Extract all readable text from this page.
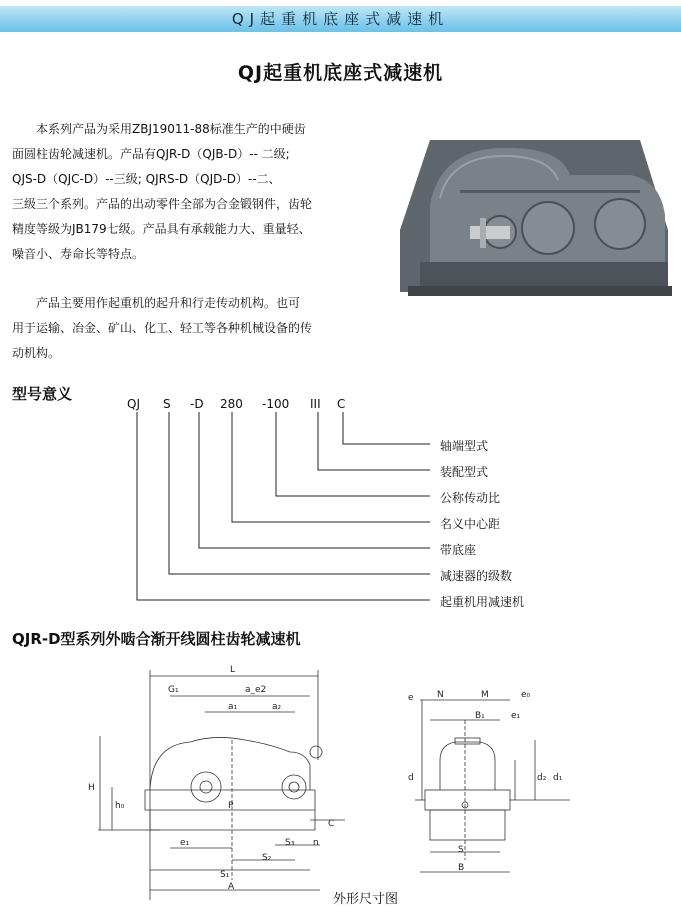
QJ起重机底座式减速机
QJ起重机底座式减速机

本系列产品为采用ZBJ19011-88标准生产的中硬齿
面圆柱齿轮减速机。产品有QJR-D（QJB-D）-- 二级;
QJS-D（QJC-D）--三级; QJRS-D（QJD-D）--二、
三级三个系列。产品的出动零件全部为合金锻钢件，齿轮
精度等级为JB179七级。产品具有承载能力大、重量轻、
噪音小、寿命长等特点。

产品主要用作起重机的起升和行走传动机构。也可
用于运输、冶金、矿山、化工、轻工等各种机械设备的传
动机构。

L
G₁	a_e2
a₁	a₂
H
h₀	P
C
e₁	S₃ n
S₂
S₁
A
e	N	M	e₀
B₁	e₁
d	d₂ d₁
S
B
型号意义
QJ S -D 280 -100 III C
轴端型式
装配型式
公称传动比
名义中心距
带底座
减速器的级数
起重机用减速机
QJR-D型系列外啮合渐开线圆柱齿轮减速机
外形尺寸图
